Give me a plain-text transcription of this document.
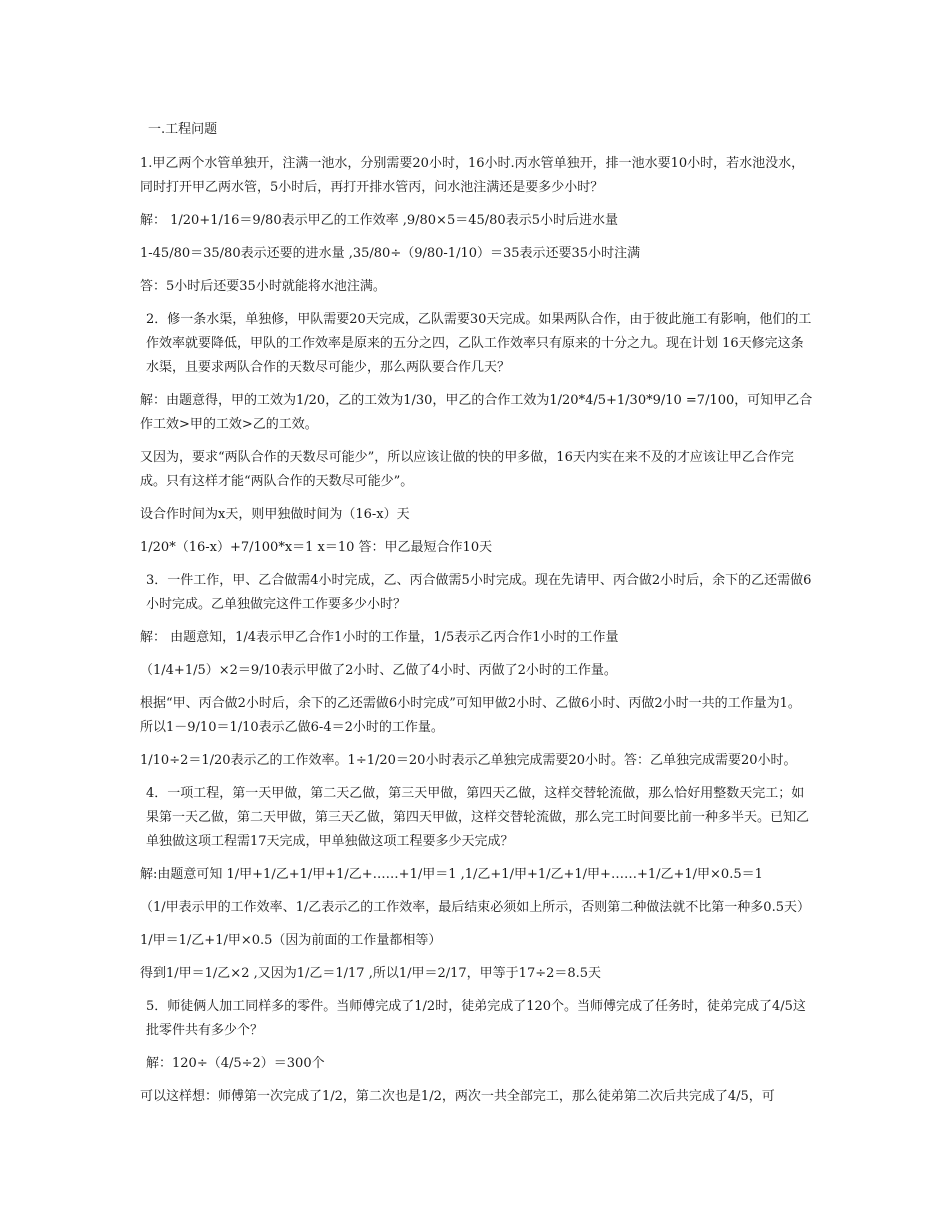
一.工程问题
1.甲乙两个水管单独开，注满一池水，分别需要20小时，16小时.丙水管单独开，排一池水要10小时，若水池没水，同时打开甲乙两水管，5小时后，再打开排水管丙，问水池注满还是要多少小时？
解： 1/20+1/16＝9/80表示甲乙的工作效率 ,9/80×5＝45/80表示5小时后进水量
1-45/80＝35/80表示还要的进水量 ,35/80÷（9/80-1/10）＝35表示还要35小时注满
答：5小时后还要35小时就能将水池注满。
2．修一条水渠，单独修，甲队需要20天完成，乙队需要30天完成。如果两队合作，由于彼此施工有影响，他们的工作效率就要降低，甲队的工作效率是原来的五分之四，乙队工作效率只有原来的十分之九。现在计划 16天修完这条水渠，且要求两队合作的天数尽可能少，那么两队要合作几天？
解：由题意得，甲的工效为1/20，乙的工效为1/30，甲乙的合作工效为1/20*4/5+1/30*9/10 =7/100，可知甲乙合作工效>甲的工效>乙的工效。
又因为，要求“两队合作的天数尽可能少”，所以应该让做的快的甲多做，16天内实在来不及的才应该让甲乙合作完成。只有这样才能“两队合作的天数尽可能少”。
设合作时间为x天，则甲独做时间为（16-x）天
1/20*（16-x）+7/100*x＝1 x＝10 答：甲乙最短合作10天
3．一件工作，甲、乙合做需4小时完成，乙、丙合做需5小时完成。现在先请甲、丙合做2小时后，余下的乙还需做6小时完成。乙单独做完这件工作要多少小时？
解： 由题意知，1/4表示甲乙合作1小时的工作量，1/5表示乙丙合作1小时的工作量
（1/4+1/5）×2＝9/10表示甲做了2小时、乙做了4小时、丙做了2小时的工作量。
根据“甲、丙合做2小时后，余下的乙还需做6小时完成”可知甲做2小时、乙做6小时、丙做2小时一共的工作量为1。 所以1－9/10＝1/10表示乙做6-4＝2小时的工作量。
1/10÷2＝1/20表示乙的工作效率。1÷1/20＝20小时表示乙单独完成需要20小时。答：乙单独完成需要20小时。
4．一项工程，第一天甲做，第二天乙做，第三天甲做，第四天乙做，这样交替轮流做，那么恰好用整数天完工；如果第一天乙做，第二天甲做，第三天乙做，第四天甲做，这样交替轮流做，那么完工时间要比前一种多半天。已知乙单独做这项工程需17天完成，甲单独做这项工程要多少天完成？
解:由题意可知 1/甲+1/乙+1/甲+1/乙+……+1/甲＝1 ,1/乙+1/甲+1/乙+1/甲+……+1/乙+1/甲×0.5＝1
（1/甲表示甲的工作效率、1/乙表示乙的工作效率，最后结束必须如上所示，否则第二种做法就不比第一种多0.5天）
1/甲＝1/乙+1/甲×0.5（因为前面的工作量都相等）
得到1/甲＝1/乙×2 ,又因为1/乙＝1/17 ,所以1/甲＝2/17，甲等于17÷2＝8.5天
5．师徒俩人加工同样多的零件。当师傅完成了1/2时，徒弟完成了120个。当师傅完成了任务时，徒弟完成了4/5这批零件共有多少个？
解：120÷（4/5÷2）＝300个
可以这样想：师傅第一次完成了1/2，第二次也是1/2，两次一共全部完工，那么徒弟第二次后共完成了4/5，可
